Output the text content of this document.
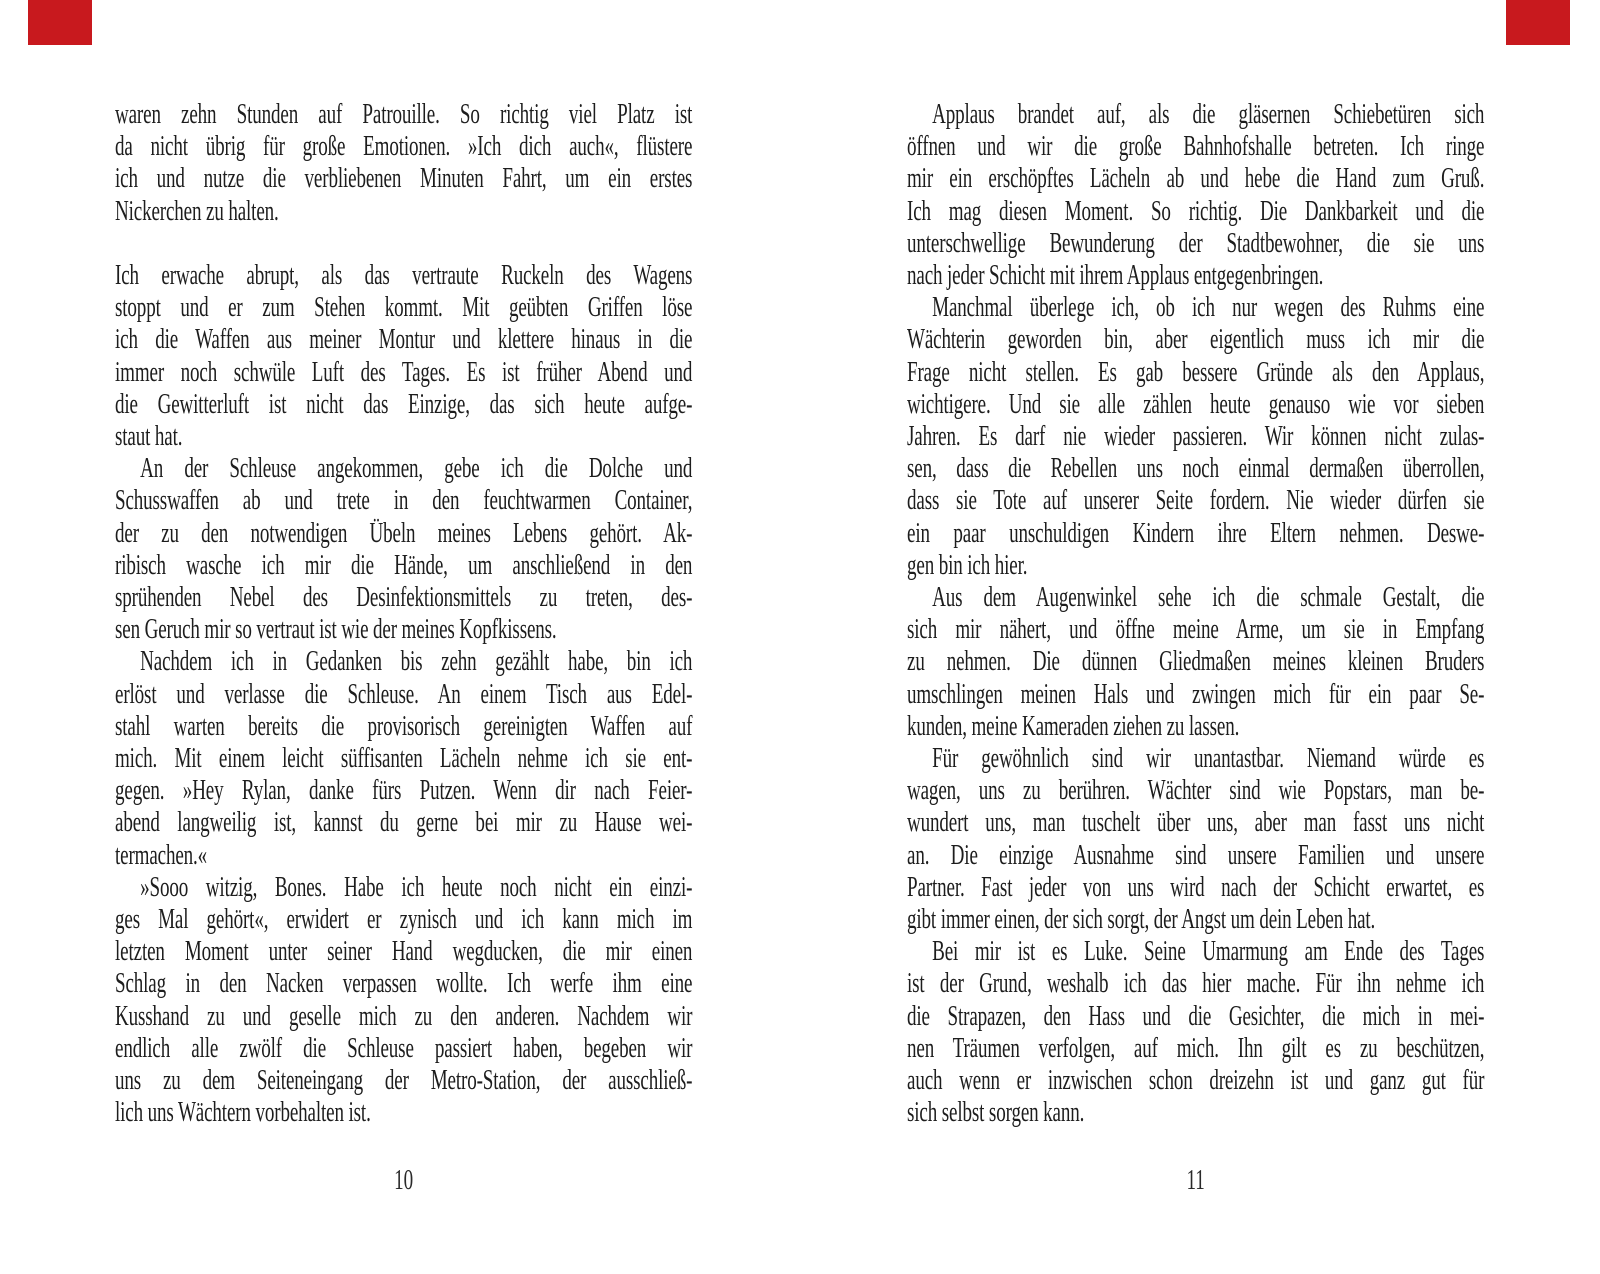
waren zehn Stunden auf Patrouille. So richtig viel Platz ist
da nicht übrig für große Emotionen. »Ich dich auch«, flüstere
ich und nutze die verbliebenen Minuten Fahrt, um ein erstes
Nickerchen zu halten.
Ich erwache abrupt, als das vertraute Ruckeln des Wagens
stoppt und er zum Stehen kommt. Mit geübten Griffen löse
ich die Waffen aus meiner Montur und klettere hinaus in die
immer noch schwüle Luft des Tages. Es ist früher Abend und
die Gewitterluft ist nicht das Einzige, das sich heute aufge-
staut hat.
An der Schleuse angekommen, gebe ich die Dolche und
Schusswaffen ab und trete in den feuchtwarmen Container,
der zu den notwendigen Übeln meines Lebens gehört. Ak-
ribisch wasche ich mir die Hände, um anschließend in den
sprühenden Nebel des Desinfektionsmittels zu treten, des-
sen Geruch mir so vertraut ist wie der meines Kopfkissens.
Nachdem ich in Gedanken bis zehn gezählt habe, bin ich
erlöst und verlasse die Schleuse. An einem Tisch aus Edel-
stahl warten bereits die provisorisch gereinigten Waffen auf
mich. Mit einem leicht süffisanten Lächeln nehme ich sie ent-
gegen. »Hey Rylan, danke fürs Putzen. Wenn dir nach Feier-
abend langweilig ist, kannst du gerne bei mir zu Hause wei-
termachen.«
»Sooo witzig, Bones. Habe ich heute noch nicht ein einzi-
ges Mal gehört«, erwidert er zynisch und ich kann mich im
letzten Moment unter seiner Hand wegducken, die mir einen
Schlag in den Nacken verpassen wollte. Ich werfe ihm eine
Kusshand zu und geselle mich zu den anderen. Nachdem wir
endlich alle zwölf die Schleuse passiert haben, begeben wir
uns zu dem Seiteneingang der Metro-Station, der ausschließ-
lich uns Wächtern vorbehalten ist.
10
Applaus brandet auf, als die gläsernen Schiebetüren sich
öffnen und wir die große Bahnhofshalle betreten. Ich ringe
mir ein erschöpftes Lächeln ab und hebe die Hand zum Gruß.
Ich mag diesen Moment. So richtig. Die Dankbarkeit und die
unterschwellige Bewunderung der Stadtbewohner, die sie uns
nach jeder Schicht mit ihrem Applaus entgegenbringen.
Manchmal überlege ich, ob ich nur wegen des Ruhms eine
Wächterin geworden bin, aber eigentlich muss ich mir die
Frage nicht stellen. Es gab bessere Gründe als den Applaus,
wichtigere. Und sie alle zählen heute genauso wie vor sieben
Jahren. Es darf nie wieder passieren. Wir können nicht zulas-
sen, dass die Rebellen uns noch einmal dermaßen überrollen,
dass sie Tote auf unserer Seite fordern. Nie wieder dürfen sie
ein paar unschuldigen Kindern ihre Eltern nehmen. Deswe-
gen bin ich hier.
Aus dem Augenwinkel sehe ich die schmale Gestalt, die
sich mir nähert, und öffne meine Arme, um sie in Empfang
zu nehmen. Die dünnen Gliedmaßen meines kleinen Bruders
umschlingen meinen Hals und zwingen mich für ein paar Se-
kunden, meine Kameraden ziehen zu lassen.
Für gewöhnlich sind wir unantastbar. Niemand würde es
wagen, uns zu berühren. Wächter sind wie Popstars, man be-
wundert uns, man tuschelt über uns, aber man fasst uns nicht
an. Die einzige Ausnahme sind unsere Familien und unsere
Partner. Fast jeder von uns wird nach der Schicht erwartet, es
gibt immer einen, der sich sorgt, der Angst um dein Leben hat.
Bei mir ist es Luke. Seine Umarmung am Ende des Tages
ist der Grund, weshalb ich das hier mache. Für ihn nehme ich
die Strapazen, den Hass und die Gesichter, die mich in mei-
nen Träumen verfolgen, auf mich. Ihn gilt es zu beschützen,
auch wenn er inzwischen schon dreizehn ist und ganz gut für
sich selbst sorgen kann.
11
